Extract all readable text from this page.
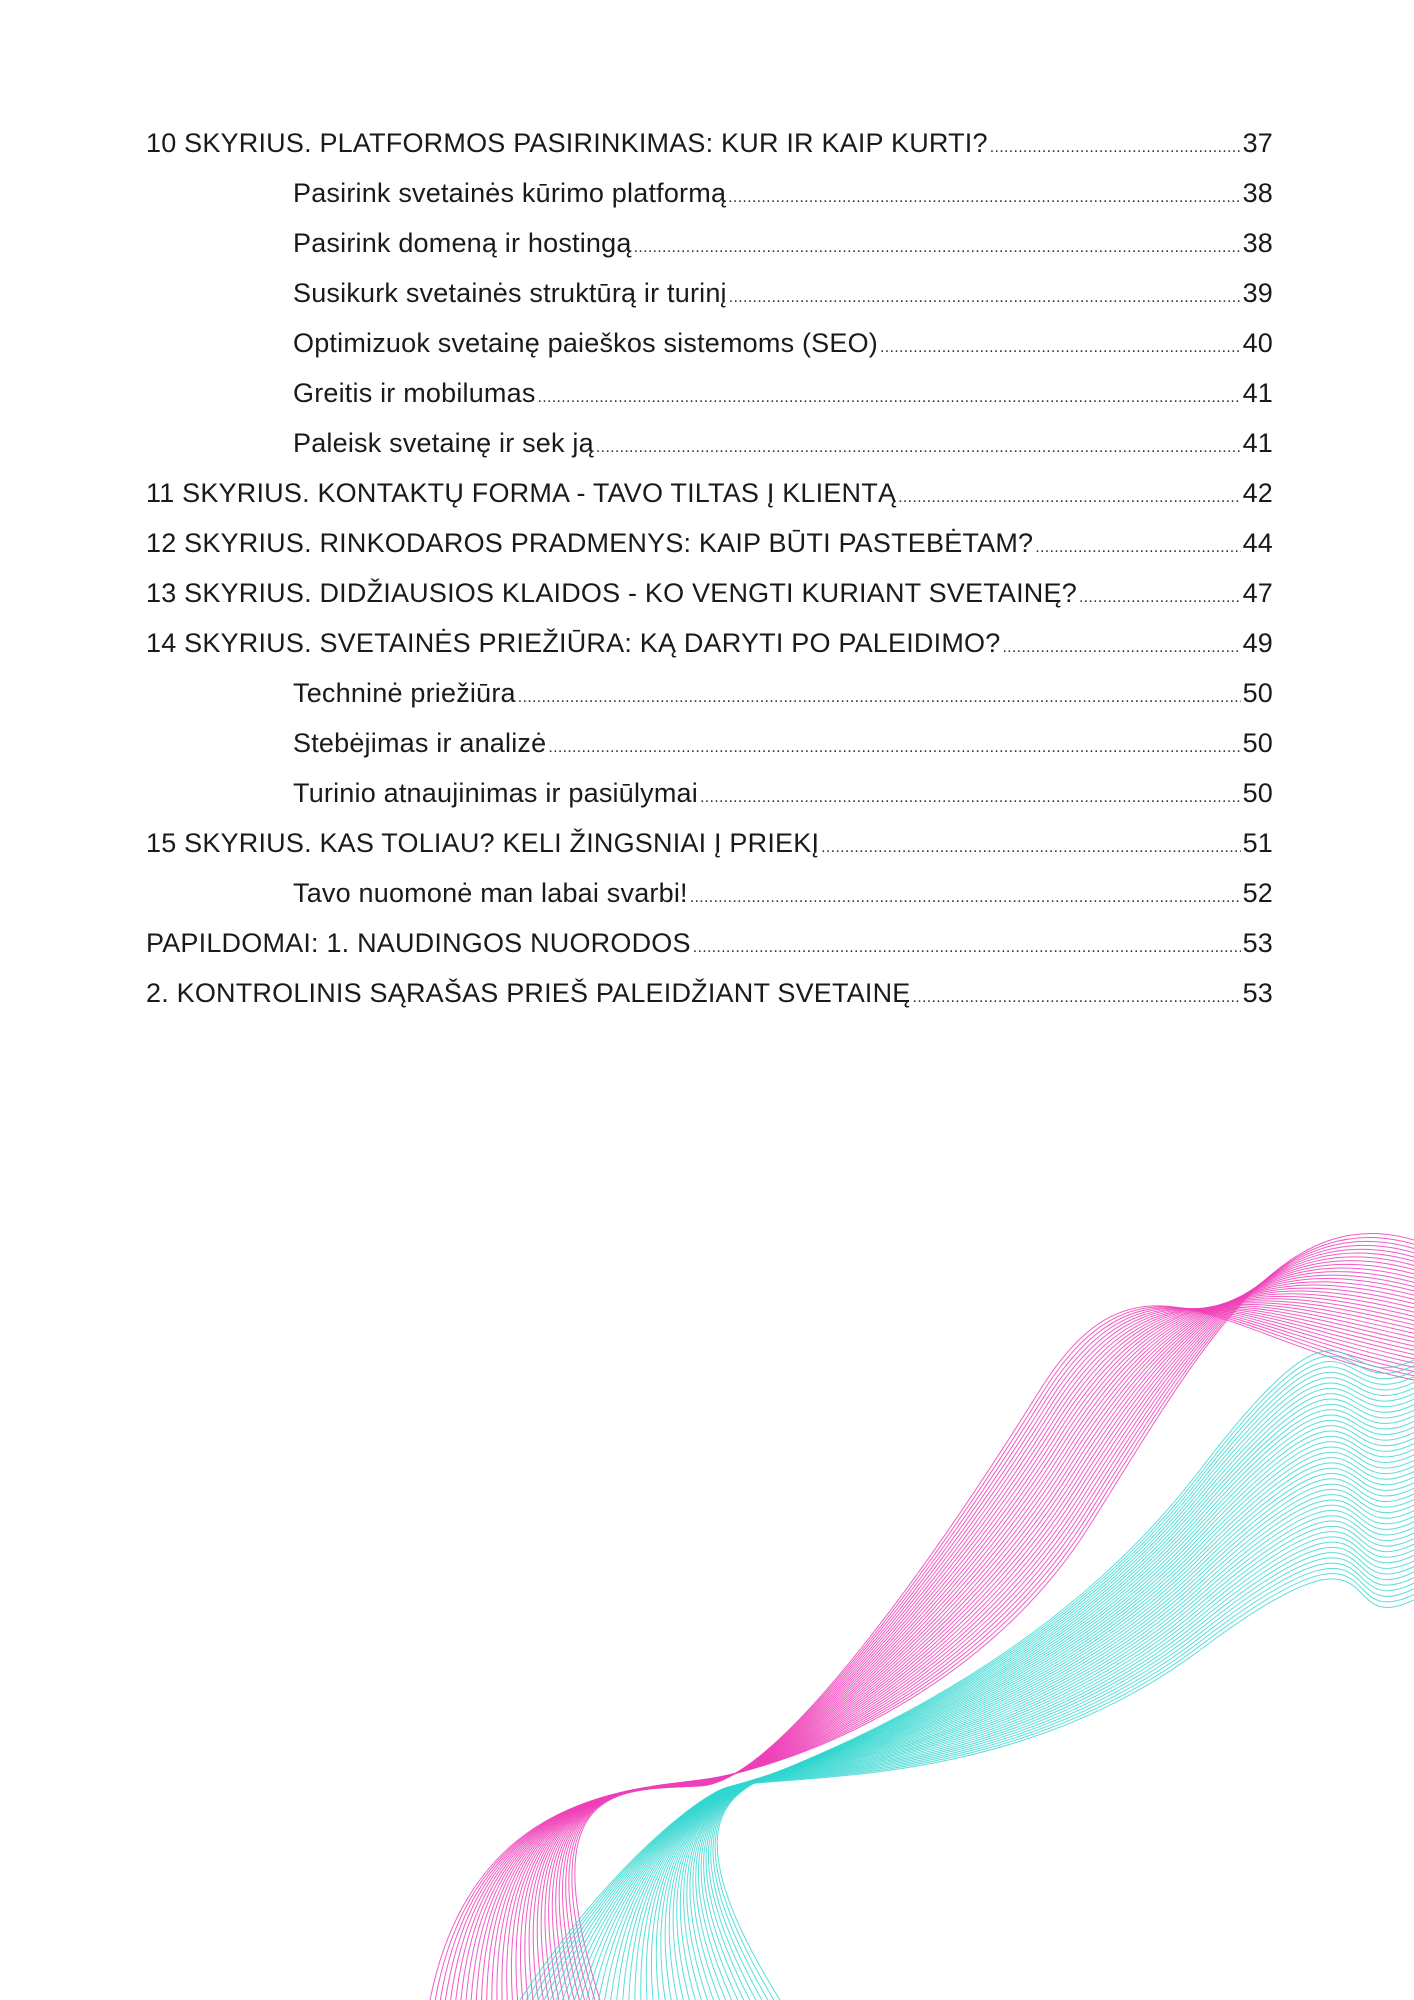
10 SKYRIUS. PLATFORMOS PASIRINKIMAS: KUR IR KAIP KURTI? .....	37
Pasirink svetainės kūrimo platformą .....	38
Pasirink domeną ir hostingą .....	38
Susikurk svetainės struktūrą ir turinį .....	39
Optimizuok svetainę paieškos sistemoms (SEO) .....	40
Greitis ir mobilumas .....	41
Paleisk svetainę ir sek ją .....	41
11 SKYRIUS. KONTAKTŲ FORMA - TAVO TILTAS Į KLIENTĄ .....	42
12 SKYRIUS. RINKODAROS PRADMENYS: KAIP BŪTI PASTEBĖTAM? .....	44
13 SKYRIUS. DIDŽIAUSIOS KLAIDOS - KO VENGTI KURIANT SVETAINĘ? .....	47
14 SKYRIUS. SVETAINĖS PRIEŽIŪRA: KĄ DARYTI PO PALEIDIMO? .....	49
Techninė priežiūra .....	50
Stebėjimas ir analizė .....	50
Turinio atnaujinimas ir pasiūlymai .....	50
15 SKYRIUS. KAS TOLIAU? KELI ŽINGSNIAI Į PRIEKĮ .....	51
Tavo nuomonė man labai svarbi! .....	52
PAPILDOMAI: 1. NAUDINGOS NUORODOS .....	53
2. KONTROLINIS SĄRAŠAS PRIEŠ PALEIDŽIANT SVETAINĘ .....	53
